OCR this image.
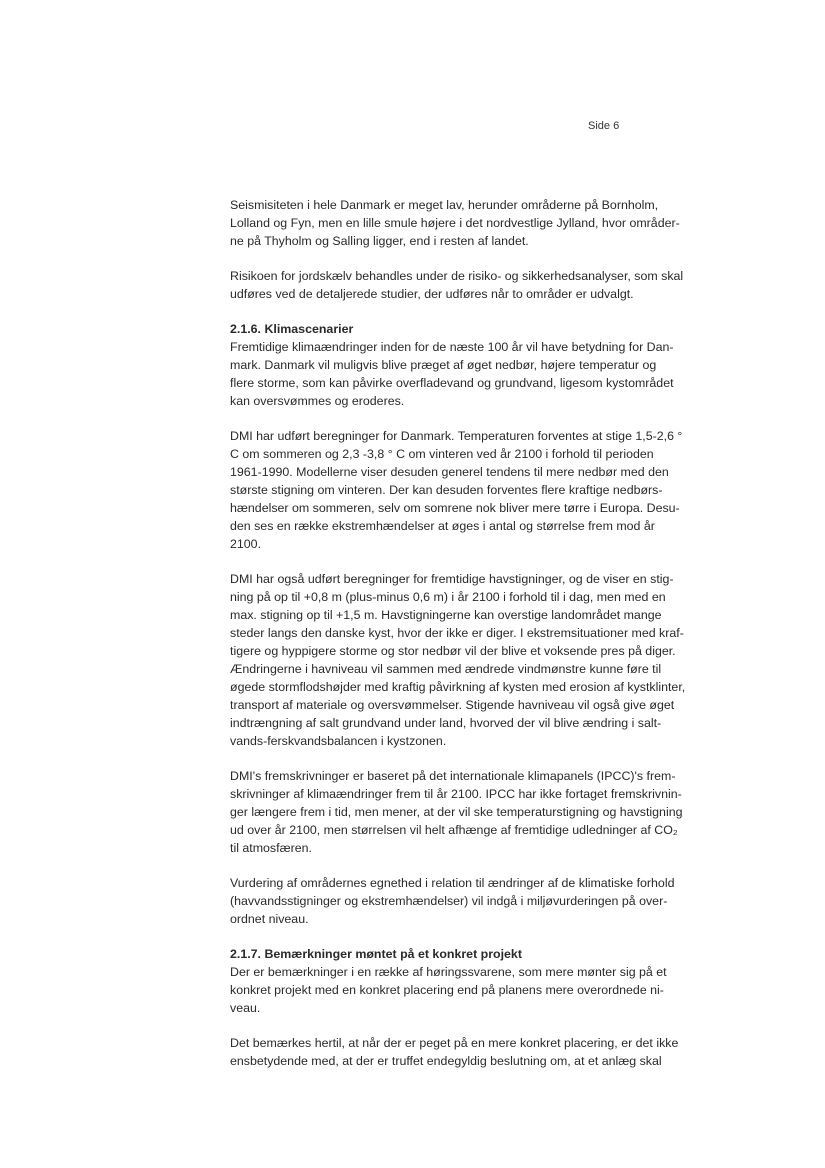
Side 6
Seismisiteten i hele Danmark er meget lav, herunder områderne på Bornholm,
Lolland og Fyn, men en lille smule højere i det nordvestlige Jylland, hvor områder-
ne på Thyholm og Salling ligger, end i resten af landet.
Risikoen for jordskælv behandles under de risiko- og sikkerhedsanalyser, som skal
udføres ved de detaljerede studier, der udføres når to områder er udvalgt.
2.1.6. Klimascenarier
Fremtidige klimaændringer inden for de næste 100 år vil have betydning for Dan-
mark. Danmark vil muligvis blive præget af øget nedbør, højere temperatur og
flere storme, som kan påvirke overfladevand og grundvand, ligesom kystområdet
kan oversvømmes og eroderes.
DMI har udført beregninger for Danmark. Temperaturen forventes at stige 1,5-2,6 °
C om sommeren og 2,3 -3,8 ° C om vinteren ved år 2100 i forhold til perioden
1961-1990. Modellerne viser desuden generel tendens til mere nedbør med den
største stigning om vinteren. Der kan desuden forventes flere kraftige nedbørs-
hændelser om sommeren, selv om somrene nok bliver mere tørre i Europa. Desu-
den ses en række ekstremhændelser at øges i antal og størrelse frem mod år
2100.
DMI har også udført beregninger for fremtidige havstigninger, og de viser en stig-
ning på op til +0,8 m (plus-minus 0,6 m) i år 2100 i forhold til i dag, men med en
max. stigning op til +1,5 m. Havstigningerne kan overstige landområdet mange
steder langs den danske kyst, hvor der ikke er diger. I ekstremsituationer med kraf-
tigere og hyppigere storme og stor nedbør vil der blive et voksende pres på diger.
Ændringerne i havniveau vil sammen med ændrede vindmønstre kunne føre til
øgede stormflodshøjder med kraftig påvirkning af kysten med erosion af kystklinter,
transport af materiale og oversvømmelser. Stigende havniveau vil også give øget
indtrængning af salt grundvand under land, hvorved der vil blive ændring i salt-
vands-ferskvandsbalancen i kystzonen.
DMI's fremskrivninger er baseret på det internationale klimapanels (IPCC)'s frem-
skrivninger af klimaændringer frem til år 2100. IPCC har ikke fortaget fremskrivnin-
ger længere frem i tid, men mener, at der vil ske temperaturstigning og havstigning
ud over år 2100, men størrelsen vil helt afhænge af fremtidige udledninger af CO₂
til atmosfæren.
Vurdering af områdernes egnethed i relation til ændringer af de klimatiske forhold
(havvandsstigninger og ekstremhændelser) vil indgå i miljøvurderingen på over-
ordnet niveau.
2.1.7. Bemærkninger møntet på et konkret projekt
Der er bemærkninger i en række af høringssvarene, som mere mønter sig på et
konkret projekt med en konkret placering end på planens mere overordnede ni-
veau.
Det bemærkes hertil, at når der er peget på en mere konkret placering, er det ikke
ensbetydende med, at der er truffet endegyldig beslutning om, at et anlæg skal
